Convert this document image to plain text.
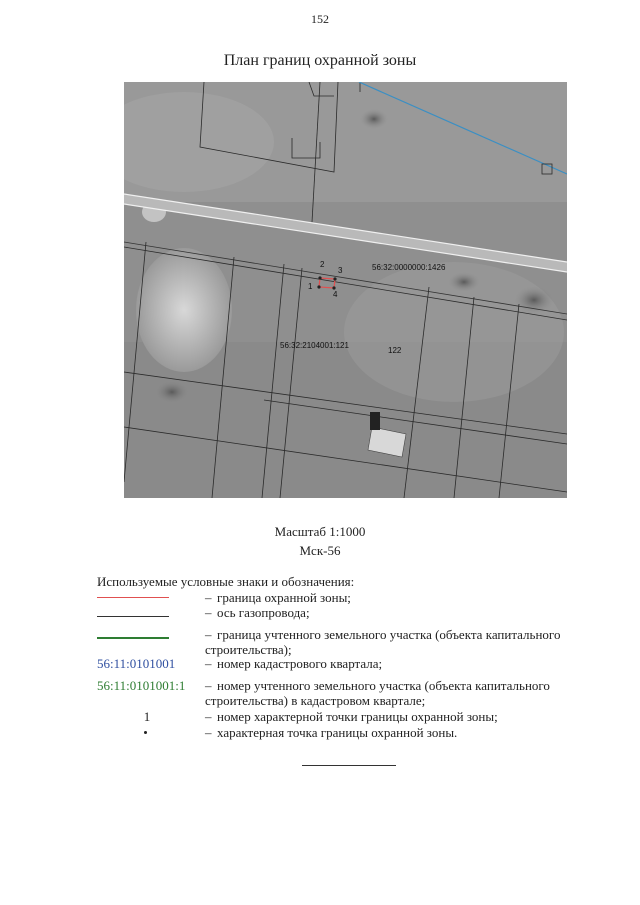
152
План границ охранной зоны
2
3
1
4
56:32:0000000:1426
56:32:2104001:121
122
Масштаб 1:1000
Мск-56
Используемые условные знаки и обозначения:
– граница охранной зоны;
– ось газопровода;
– граница учтенного земельного участка (объекта капитального строительства);
56:11:0101001	– номер кадастрового квартала;
56:11:0101001:1	– номер учтенного земельного участка (объекта капитального строительства) в кадастровом квартале;
1	– номер характерной точки границы охранной зоны;
– характерная точка границы охранной зоны.
